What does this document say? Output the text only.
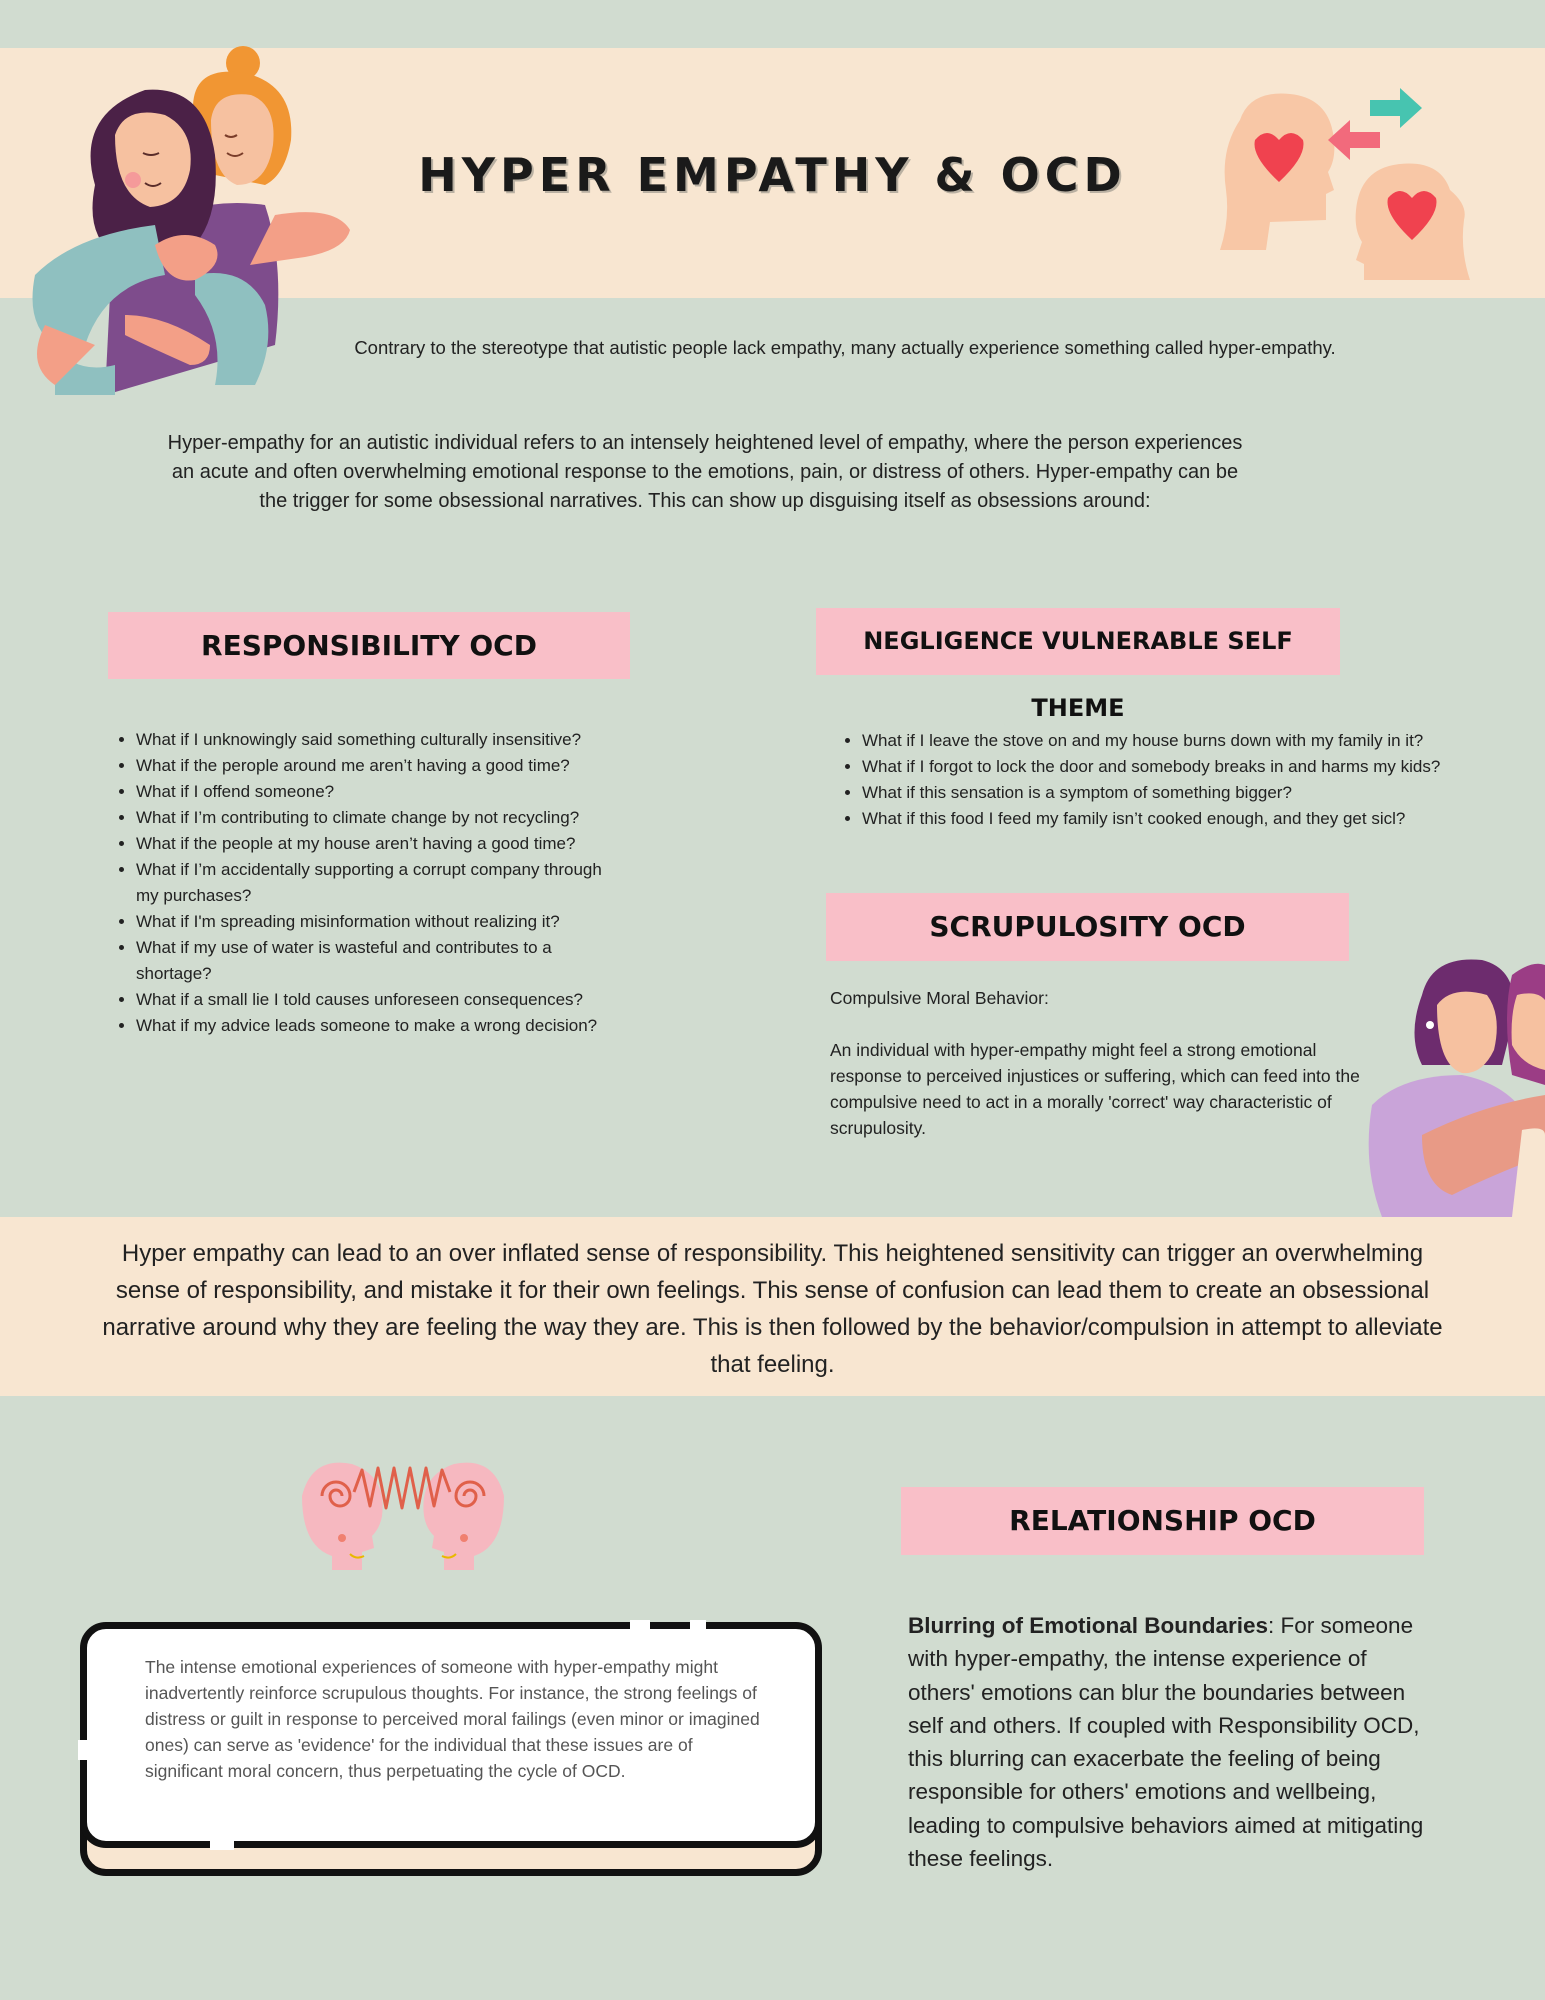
HYPER EMPATHY & OCD

Contrary to the stereotype that autistic people lack empathy, many actually experience something called hyper-empathy.

Hyper-empathy for an autistic individual refers to an intensely heightened level of empathy, where the person experiences an acute and often overwhelming emotional response to the emotions, pain, or distress of others. Hyper-empathy can be the trigger for some obsessional narratives. This can show up disguising itself as obsessions around:

RESPONSIBILITY OCD
• What if I unknowingly said something culturally insensitive?
• What if the perople around me aren’t having a good time?
• What if I offend someone?
• What if I’m contributing to climate change by not recycling?
• What if the people at my house aren’t having a good time?
• What if I’m accidentally supporting a corrupt company through my purchases?
• What if I'm spreading misinformation without realizing it?
• What if my use of water is wasteful and contributes to a shortage?
• What if a small lie I told causes unforeseen consequences?
• What if my advice leads someone to make a wrong decision?
NEGLIGENCE VULNERABLE SELF THEME
• What if I leave the stove on and my house burns down with my family in it?
• What if I forgot to lock the door and somebody breaks in and harms my kids?
• What if this sensation is a symptom of something bigger?
• What if this food I feed my family isn’t cooked enough, and they get sicl?
SCRUPULOSITY OCD

Compulsive Moral Behavior:

An individual with hyper-empathy might feel a strong emotional response to perceived injustices or suffering, which can feed into the compulsive need to act in a morally 'correct' way characteristic of scrupulosity.

Hyper empathy can lead to an over inflated sense of responsibility. This heightened sensitivity can trigger an overwhelming sense of responsibility, and mistake it for their own feelings. This sense of confusion can lead them to create an obsessional narrative around why they are feeling the way they are. This is then followed by the behavior/compulsion in attempt to alleviate that feeling.

The intense emotional experiences of someone with hyper-empathy might inadvertently reinforce scrupulous thoughts. For instance, the strong feelings of distress or guilt in response to perceived moral failings (even minor or imagined ones) can serve as 'evidence' for the individual that these issues are of significant moral concern, thus perpetuating the cycle of OCD.

RELATIONSHIP OCD

Blurring of Emotional Boundaries: For someone with hyper-empathy, the intense experience of others' emotions can blur the boundaries between self and others. If coupled with Responsibility OCD, this blurring can exacerbate the feeling of being responsible for others' emotions and wellbeing, leading to compulsive behaviors aimed at mitigating these feelings.
